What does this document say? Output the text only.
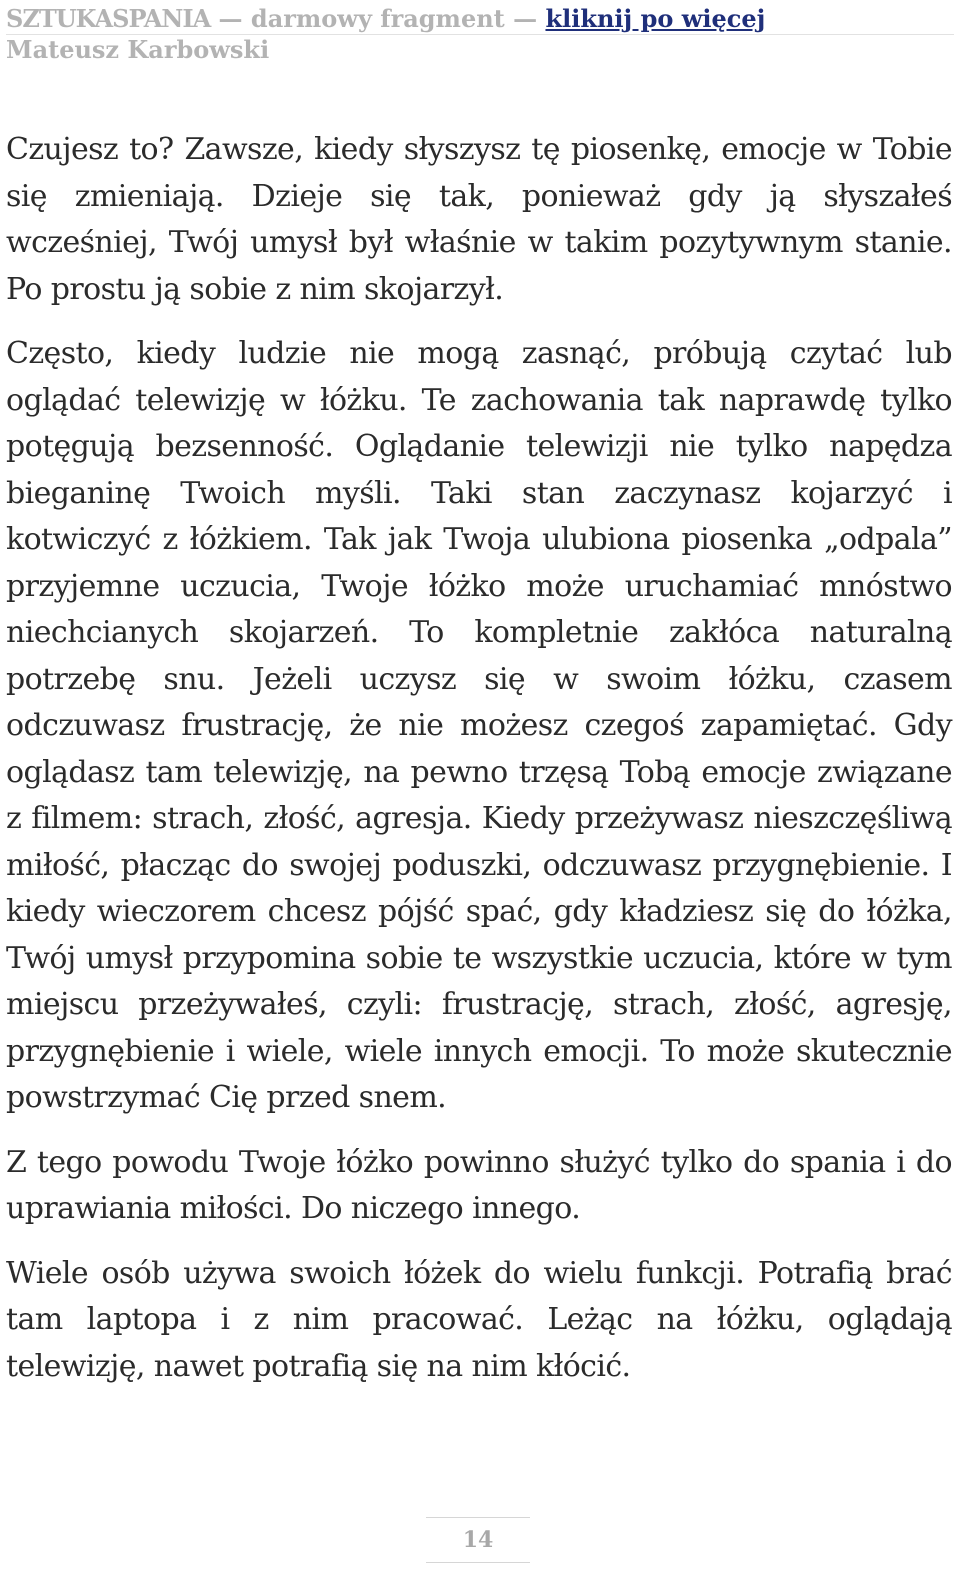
SZTUKASPANIA — darmowy fragment — kliknij po więcej
Mateusz Karbowski

Czujesz to? Zawsze, kiedy słyszysz tę piosenkę, emocje w Tobie się zmieniają. Dzieje się tak, ponieważ gdy ją słyszałeś wcześniej, Twój umysł był właśnie w takim pozytywnym stanie. Po prostu ją sobie z nim skojarzył.

Często, kiedy ludzie nie mogą zasnąć, próbują czytać lub oglądać telewizję w łóżku. Te zachowania tak naprawdę tylko potęgują bezsenność. Oglądanie telewizji nie tylko napędza bieganinę Twoich myśli. Taki stan zaczynasz kojarzyć i kotwiczyć z łóżkiem. Tak jak Twoja ulubiona piosenka „odpala” przyjemne uczucia, Twoje łóżko może uruchamiać mnóstwo niechcianych skojarzeń. To kompletnie zakłóca naturalną potrzebę snu. Jeżeli uczysz się w swoim łóżku, czasem odczuwasz frustrację, że nie możesz czegoś zapamiętać. Gdy oglądasz tam telewizję, na pewno trzęsą Tobą emocje związane z filmem: strach, złość, agresja. Kiedy przeżywasz nieszczęśliwą miłość, płacząc do swojej poduszki, odczuwasz przygnębienie. I kiedy wieczorem chcesz pójść spać, gdy kładziesz się do łóżka, Twój umysł przypomina sobie te wszystkie uczucia, które w tym miejscu przeżywałeś, czyli: frustrację, strach, złość, agresję, przygnębienie i wiele, wiele innych emocji. To może skutecznie powstrzymać Cię przed snem.

Z tego powodu Twoje łóżko powinno służyć tylko do spania i do uprawiania miłości. Do niczego innego.

Wiele osób używa swoich łóżek do wielu funkcji. Potrafią brać tam laptopa i z nim pracować. Leżąc na łóżku, oglądają telewizję, nawet potrafią się na nim kłócić.

14
